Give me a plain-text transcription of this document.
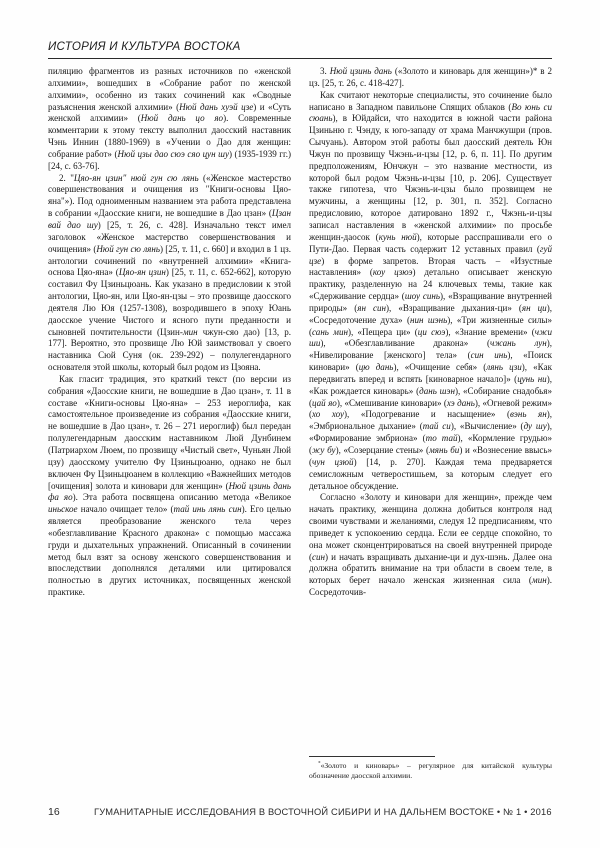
ИСТОРИЯ И КУЛЬТУРА ВОСТОКА

пиляцию фрагментов из разных источников по «женской алхимии», вошедших в «Собрание работ по женской алхимии», особенно из таких сочинений как «Сводные разъяснения женской алхимии» (Нюй дань хуэй цзе) и «Суть женской алхимии» (Нюй дань цо яо). Современные комментарии к этому тексту выполнил даосский наставник Чэнь Иннин (1880-1969) в «Учении о Дао для женщин: собрание работ» (Нюй цзы дао сюэ сяо цун шу) (1935-1939 гг.) [24, с. 63-76].

2. "Цяо-ян цзин" нюй гун сю лянь («Женское мастерство совершенствования и очищения из "Книги-основы Цяо-яна"»). Под одноименным названием эта работа представлена в собрании «Даосские книги, не вошедшие в Дао цзан» (Цзан вай дао шу) [25, т. 26, с. 428]. Изначально текст имел заголовок «Женское мастерство совершенствования и очищения» (Нюй гун сю лянь) [25, т. 11, с. 660] и входил в 1 цз. антологии сочинений по «внутренней алхимии» «Книга-основа Цяо-яна» (Цяо-ян цзин) [25, т. 11, с. 652-662], которую составил Фу Цзиньцюань. Как указано в предисловии к этой антологии, Цяо-ян, или Цяо-ян-цзы – это прозвище даосского деятеля Лю Юя (1257-1308), возродившего в эпоху Юань даосское учение Чистого и ясного пути преданности и сыновней почтительности (Цзин-мин чжун-сяо дао) [13, р. 177]. Вероятно, это прозвище Лю Юй заимствовал у своего наставника Сюй Суня (ок. 239-292) – полулегендарного основателя этой школы, который был родом из Цзояна.

Как гласит традиция, это краткий текст (по версии из собрания «Даосские книги, не вошедшие в Дао цзан», т. 11 в составе «Книги-основы Цяо-яна» – 253 иероглифа, как самостоятельное произведение из собрания «Даосские книги, не вошедшие в Дао цзан», т. 26 – 271 иероглиф) был передан полулегендарным даосским наставником Люй Дунбинем (Патриархом Люем, по прозвищу «Чистый свет», Чуньян Люй цзу) даосскому учителю Фу Цзиньцюаню, однако не был включен Фу Цзиньцюанем в коллекцию «Важнейших методов [очищения] золота и киновари для женщин» (Нюй цзинь дань фа яо). Эта работа посвящена описанию метода «Великое иньское начало очищает тело» (тай инь лянь син). Его целью является преобразование женского тела через «обезглавливание Красного дракона» с помощью массажа груди и дыхательных упражнений. Описанный в сочинении метод был взят за основу женского совершенствования и впоследствии дополнялся деталями или цитировался полностью в других источниках, посвященных женской практике.

3. Нюй цзинь дань («Золото и киноварь для женщин»)* в 2 цз. [25, т. 26, с. 418-427].

Как считают некоторые специалисты, это сочинение было написано в Западном павильоне Спящих облаков (Во юнь си сюань), в Юйдайси, что находится в южной части района Цзиньню г. Чэнду, к юго-западу от храма Манчжушри (пров. Сычуань). Автором этой работы был даосский деятель Юн Чжун по прозвищу Чжэнь-и-цзы [12, р. 6, п. 11]. По другим предположениям, Юнчжун – это название местности, из которой был родом Чжэнь-и-цзы [10, р. 206]. Существует также гипотеза, что Чжэнь-и-цзы было прозвищем не мужчины, а женщины [12, р. 301, п. 352]. Согласно предисловию, которое датировано 1892 г., Чжэнь-и-цзы записал наставления в «женской алхимии» по просьбе женщин-даосок (кунь нюй), которые расспрашивали его о Пути-Дао. Первая часть содержит 12 уставных правил (гуй цзе) в форме запретов. Вторая часть – «Изустные наставления» (коу цзюэ) детально описывает женскую практику, разделенную на 24 ключевых темы, такие как «Сдерживание сердца» (шоу синь), «Взращивание внутренней природы» (ян син), «Взращивание дыхания-ци» (ян ци), «Сосредоточение духа» (нин шэнь), «Три жизненные силы» (сань мин), «Пещера ци» (ци сюэ), «Знание времени» (чжи ши), «Обезглавливание дракона» (чжань лун), «Нивелирование [женского] тела» (син инь), «Поиск киновари» (цю дань), «Очищение себя» (лянь цзи), «Как передвигать вперед и вспять [киноварное начало]» (цунь ни), «Как рождается киноварь» (дань шэн), «Собирание снадобья» (цай яо), «Смешивание киновари» (хэ дань), «Огневой режим» (хо хоу), «Подогревание и насыщение» (вэнь ян), «Эмбриональное дыхание» (тай си), «Вычисление» (ду шу), «Формирование эмбриона» (то тай), «Кормление грудью» (жу бу), «Созерцание стены» (мянь би) и «Вознесение ввысь» (чун цзюй) [14, р. 270]. Каждая тема предваряется семисложным четверостишьем, за которым следует его детальное обсуждение.

Согласно «Золоту и киновари для женщин», прежде чем начать практику, женщина должна добиться контроля над своими чувствами и желаниями, следуя 12 предписаниям, что приведет к успокоению сердца. Если ее сердце спокойно, то она может сконцентрироваться на своей внутренней природе (син) и начать взращивать дыхание-ци и дух-шэнь. Далее она должна обратить внимание на три области в своем теле, в которых берет начало женская жизненная сила (мин). Сосредоточив-

*«Золото и киноварь» – регулярное для китайской культуры обозначение даосской алхимии.

16	ГУМАНИТАРНЫЕ ИССЛЕДОВАНИЯ В ВОСТОЧНОЙ СИБИРИ И НА ДАЛЬНЕМ ВОСТОКЕ • № 1 • 2016
